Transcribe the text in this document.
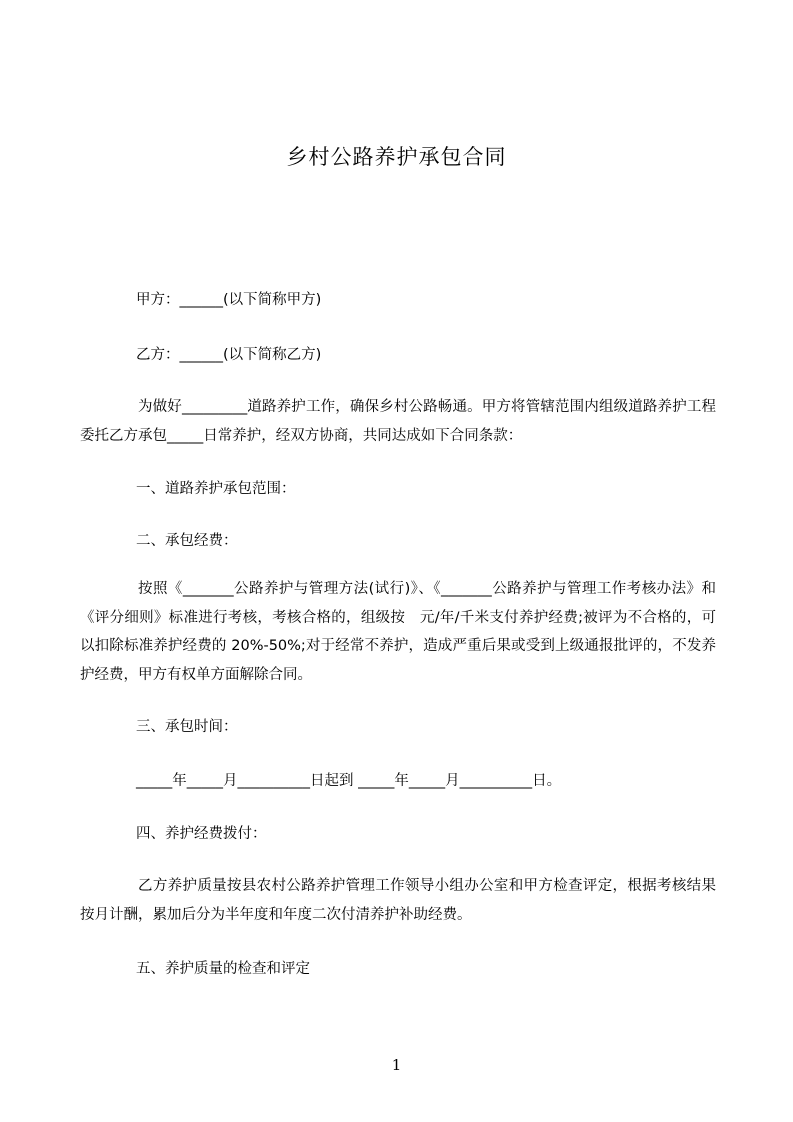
乡村公路养护承包合同
甲方：______(以下简称甲方)
乙方：______(以下简称乙方)
为做好_________道路养护工作，确保乡村公路畅通。甲方将管辖范围内组级道路养护工程委托乙方承包_____日常养护，经双方协商，共同达成如下合同条款：
一、道路养护承包范围：
二、承包经费：
按照《_______公路养护与管理方法(试行)》、《_______公路养护与管理工作考核办法》和《评分细则》标准进行考核，考核合格的，组级按　元/年/千米支付养护经费;被评为不合格的，可以扣除标准养护经费的 20%-50%;对于经常不养护，造成严重后果或受到上级通报批评的，不发养护经费，甲方有权单方面解除合同。
三、承包时间：
_____年_____月__________日起到 _____年_____月__________日。
四、养护经费拨付：
乙方养护质量按县农村公路养护管理工作领导小组办公室和甲方检查评定，根据考核结果按月计酬，累加后分为半年度和年度二次付清养护补助经费。
五、养护质量的检查和评定
1
